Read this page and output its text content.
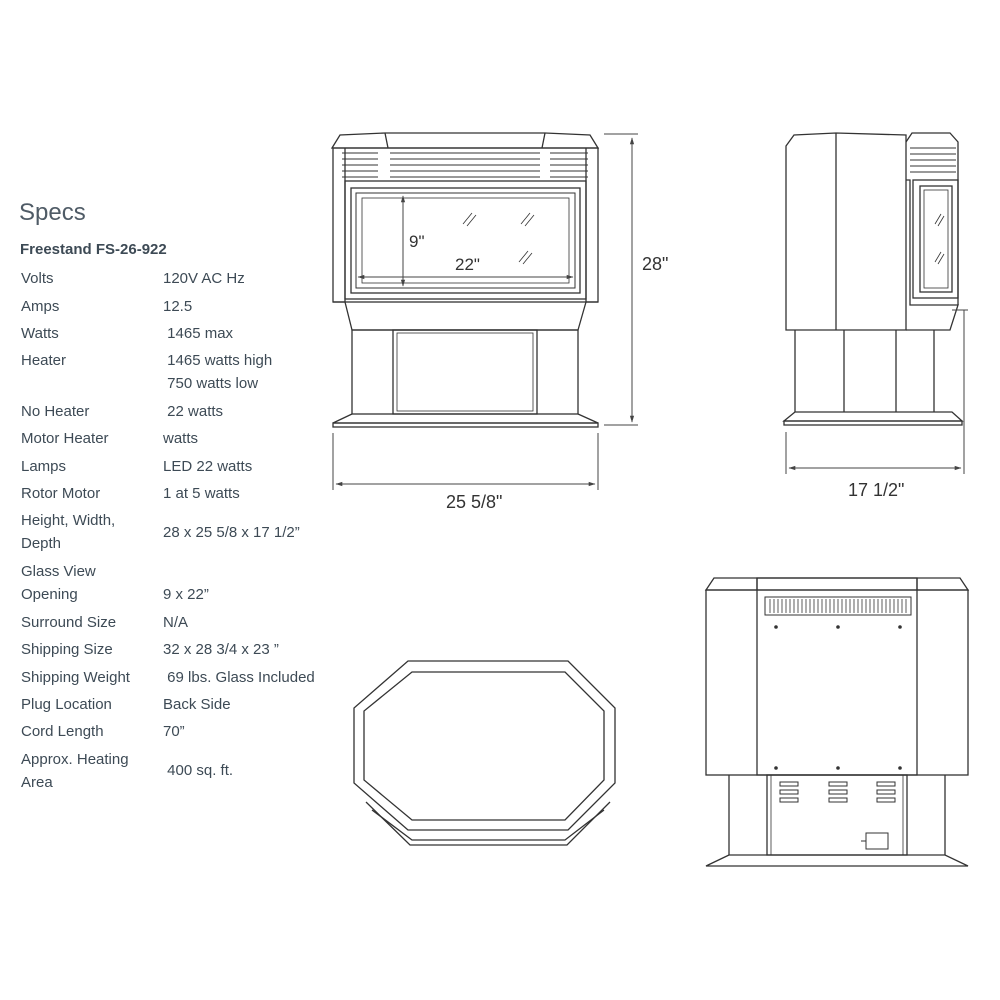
Specs
Freestand FS-26-922
Volts	120V AC Hz
Amps	12.5
Watts	1465 max
Heater	1465 watts high
750 watts low
No Heater	22 watts
Motor Heater	watts
Lamps	LED 22 watts
Rotor Motor	1 at 5 watts
Height, Width,
Depth
28 x 25 5/8 x 17 1/2”
Glass View
Opening	9 x 22”
Surround Size	N/A
Shipping Size	32 x 28 3/4 x 23 ”
Shipping Weight 69 lbs. Glass Included
Plug Location	Back Side
Cord Length	70”
Approx. Heating
Area
400 sq. ft.
9"
22"	28"
25 5/8"
17 1/2"
